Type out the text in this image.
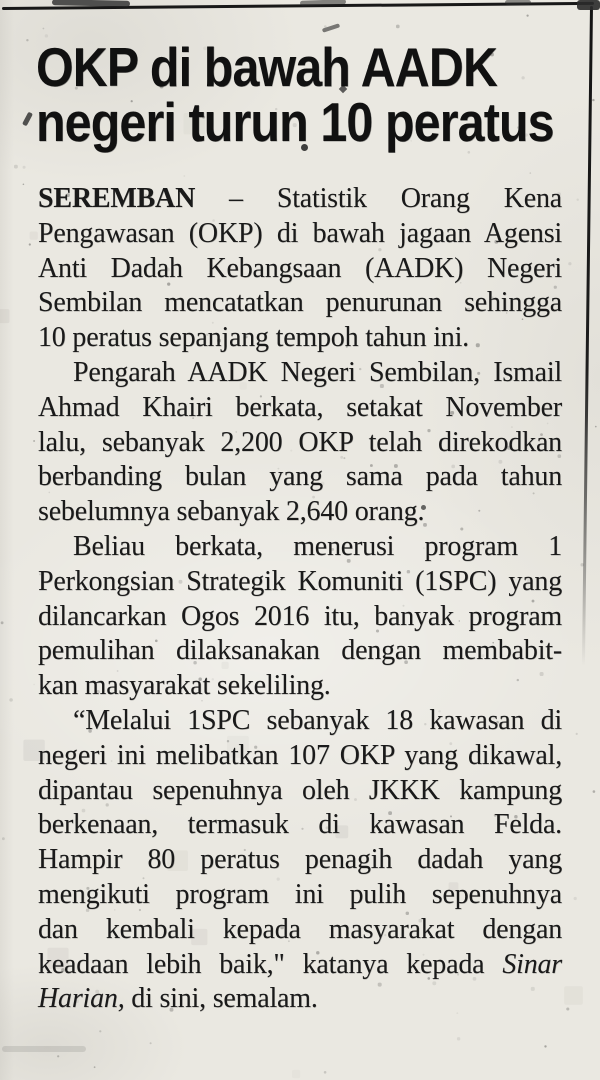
OKP di bawah AADK
negeri turun 10 peratus
SEREMBAN – Statistik Orang Kena
Pengawasan (OKP) di bawah jagaan Agensi
Anti Dadah Kebangsaan (AADK) Negeri
Sembilan mencatatkan penurunan sehingga
10 peratus sepanjang tempoh tahun ini.
Pengarah AADK Negeri Sembilan, Ismail
Ahmad Khairi berkata, setakat November
lalu, sebanyak 2,200 OKP telah direkodkan
berbanding bulan yang sama pada tahun
sebelumnya sebanyak 2,640 orang.
Beliau berkata, menerusi program 1
Perkongsian Strategik Komuniti (1SPC) yang
dilancarkan Ogos 2016 itu, banyak program
pemulihan dilaksanakan dengan membabit-
kan masyarakat sekeliling.
“Melalui 1SPC sebanyak 18 kawasan di
negeri ini melibatkan 107 OKP yang dikawal,
dipantau sepenuhnya oleh JKKK kampung
berkenaan, termasuk di kawasan Felda.
Hampir 80 peratus penagih dadah yang
mengikuti program ini pulih sepenuhnya
dan kembali kepada masyarakat dengan
keadaan lebih baik," katanya kepada Sinar
Harian, di sini, semalam.
